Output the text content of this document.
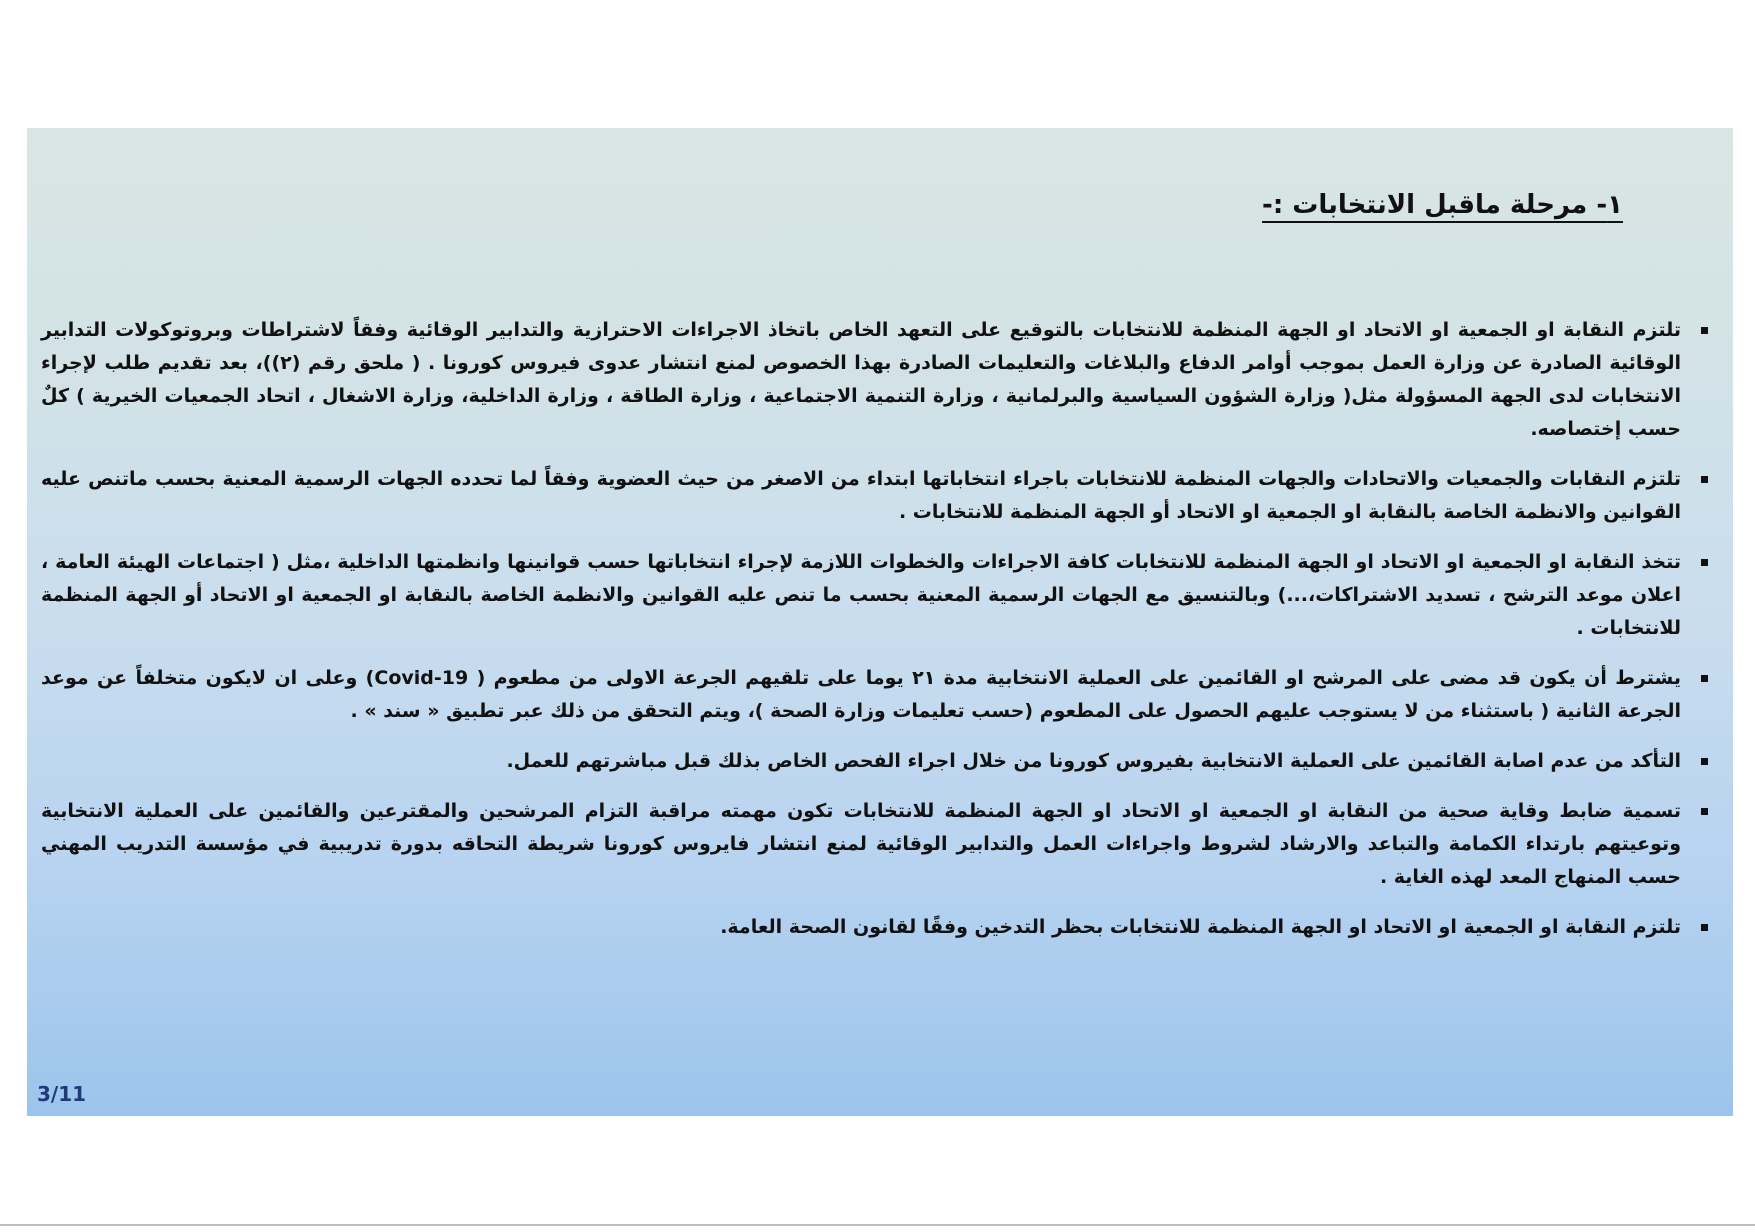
١- مرحلة ماقبل الانتخابات :-
تلتزم النقابة او الجمعية او الاتحاد او الجهة المنظمة للانتخابات بالتوقيع على التعهد الخاص باتخاذ الاجراءات الاحترازية والتدابير الوقائية وفقاً لاشتراطات وبروتوكولات التدابير الوقائية الصادرة عن وزارة العمل بموجب أوامر الدفاع والبلاغات والتعليمات الصادرة بهذا الخصوص لمنع انتشار عدوى فيروس كورونا . ( ملحق رقم (٢))، بعد تقديم طلب لإجراء الانتخابات لدى الجهة المسؤولة مثل( وزارة الشؤون السياسية والبرلمانية ، وزارة التنمية الاجتماعية ، وزارة الطاقة ، وزارة الداخلية، وزارة الاشغال ، اتحاد الجمعيات الخيرية ) كلٌ حسب إختصاصه.
تلتزم النقابات والجمعيات والاتحادات والجهات المنظمة للانتخابات باجراء انتخاباتها ابتداء من الاصغر من حيث العضوية وفقاً لما تحدده الجهات الرسمية المعنية بحسب ماتنص عليه القوانين والانظمة الخاصة بالنقابة او الجمعية او الاتحاد أو الجهة المنظمة للانتخابات .
تتخذ النقابة او الجمعية او الاتحاد او الجهة المنظمة للانتخابات كافة الاجراءات والخطوات اللازمة لإجراء انتخاباتها حسب قوانينها وانظمتها الداخلية ،مثل ( اجتماعات الهيئة العامة ، اعلان موعد الترشح ، تسديد الاشتراكات،...) وبالتنسيق مع الجهات الرسمية المعنية بحسب ما تنص عليه القوانين والانظمة الخاصة بالنقابة او الجمعية او الاتحاد أو الجهة المنظمة للانتخابات .
يشترط أن يكون قد مضى على المرشح او القائمين على العملية الانتخابية مدة ٢١ يوما على تلقيهم الجرعة الاولى من مطعوم ( Covid-19) وعلى ان لايكون متخلفاً عن موعد الجرعة الثانية ( باستثناء من لا يستوجب عليهم الحصول على المطعوم (حسب تعليمات وزارة الصحة )، ويتم التحقق من ذلك عبر تطبيق « سند » .
التأكد من عدم اصابة القائمين على العملية الانتخابية بفيروس كورونا من خلال اجراء الفحص الخاص بذلك قبل مباشرتهم للعمل.
تسمية ضابط وقاية صحية من النقابة او الجمعية او الاتحاد او الجهة المنظمة للانتخابات تكون مهمته مراقبة التزام المرشحين والمقترعين والقائمين على العملية الانتخابية وتوعيتهم بارتداء الكمامة والتباعد والارشاد لشروط واجراءات العمل والتدابير الوقائية لمنع انتشار فايروس كورونا شريطة التحاقه بدورة تدريبية في مؤسسة التدريب المهني حسب المنهاج المعد لهذه الغاية .
تلتزم النقابة او الجمعية او الاتحاد او الجهة المنظمة للانتخابات بحظر التدخين وفقًا لقانون الصحة العامة.
3/11
